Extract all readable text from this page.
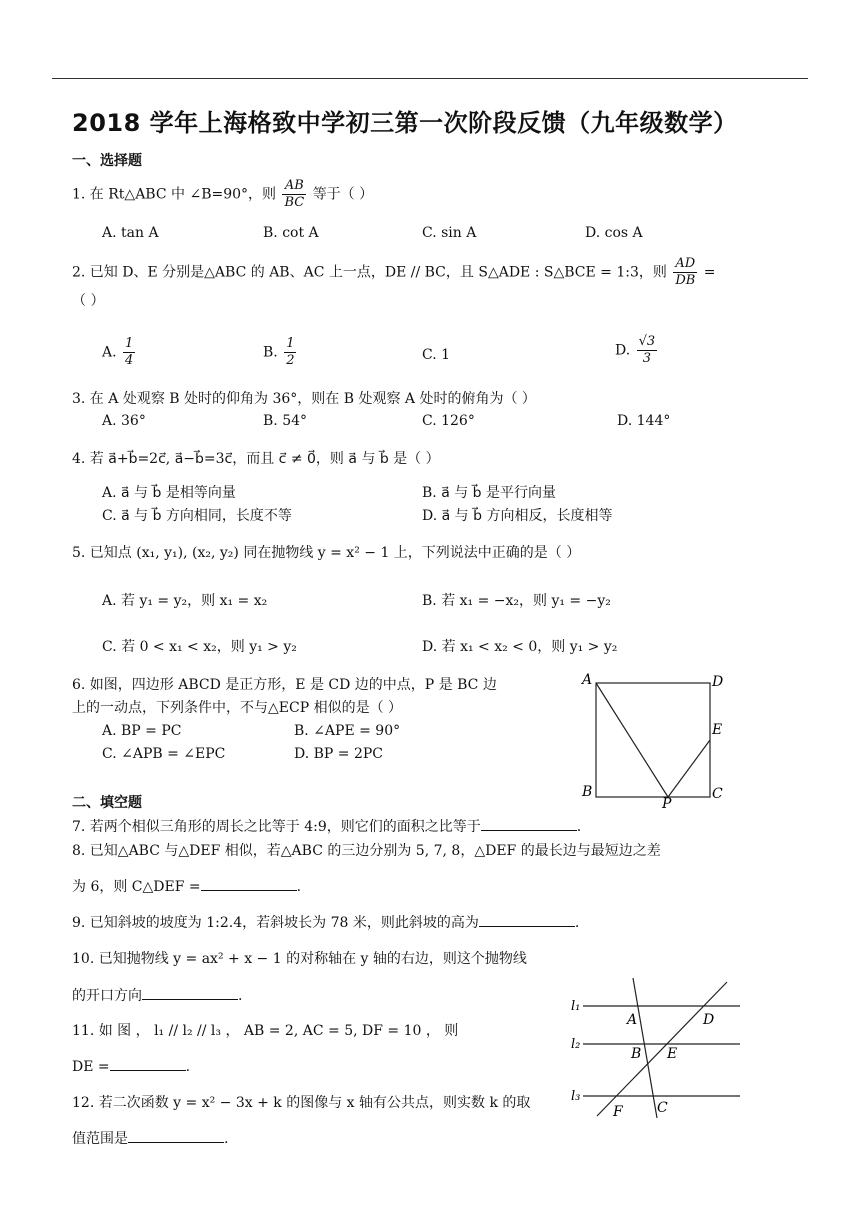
2018 学年上海格致中学初三第一次阶段反馈（九年级数学）
一、选择题
1. 在 Rt△ABC 中 ∠B=90°，则 $\frac{AB}{BC}$ 等于（ ）
A. tan A	B. cot A	C. sin A	D. cos A
2. 已知 D、E 分别是△ABC 的 AB、AC 上一点，DE // BC，且 S△ADE : S△BCE = 1:3，则 $\frac{AD}{DB}$ =
（ ）
A. $\frac{1}{4}$	B. $\frac{1}{2}$	C. 1	D. $\frac{√3}{3}$
3. 在 A 处观察 B 处时的仰角为 36°，则在 B 处观察 A 处时的俯角为（ ）
A. 36°	B. 54°	C. 126°	D. 144°
4. 若 a⃗+b⃗=2c⃗, a⃗−b⃗=3c⃗，而且 c⃗ ≠ 0⃗，则 a⃗ 与 b⃗ 是（ ）
A. a⃗ 与 b⃗ 是相等向量	B. a⃗ 与 b⃗ 是平行向量
C. a⃗ 与 b⃗ 方向相同，长度不等	D. a⃗ 与 b⃗ 方向相反，长度相等
5. 已知点 (x₁, y₁), (x₂, y₂) 同在抛物线 y = x² − 1 上，下列说法中正确的是（ ）
A. 若 y₁ = y₂，则 x₁ = x₂	B. 若 x₁ = −x₂，则 y₁ = −y₂
C. 若 0 < x₁ < x₂，则 y₁ > y₂	D. 若 x₁ < x₂ < 0，则 y₁ > y₂
6. 如图，四边形 ABCD 是正方形，E 是 CD 边的中点，P 是 BC 边
上的一动点，下列条件中，不与△ECP 相似的是（ ）
A. BP = PC	B. ∠APE = 90°
C. ∠APB = ∠EPC	D. BP = 2PC
A	D
E
B
P
C
二、填空题
7. 若两个相似三角形的周长之比等于 4:9，则它们的面积之比等于	.
8. 已知△ABC 与△DEF 相似，若△ABC 的三边分别为 5, 7, 8，△DEF 的最长边与最短边之差
为 6，则 C△DEF =	.
9. 已知斜坡的坡度为 1:2.4，若斜坡长为 78 米，则此斜坡的高为	.
10. 已知抛物线 y = ax² + x − 1 的对称轴在 y 轴的右边，则这个抛物线
的开口方向	.
11. 如 图 ， l₁ // l₂ // l₃ ， AB = 2, AC = 5, DF = 10 ， 则
DE =	.
l₁
l₂
l₃
A	D
B E
F C
12. 若二次函数 y = x² − 3x + k 的图像与 x 轴有公共点，则实数 k 的取
值范围是	.
